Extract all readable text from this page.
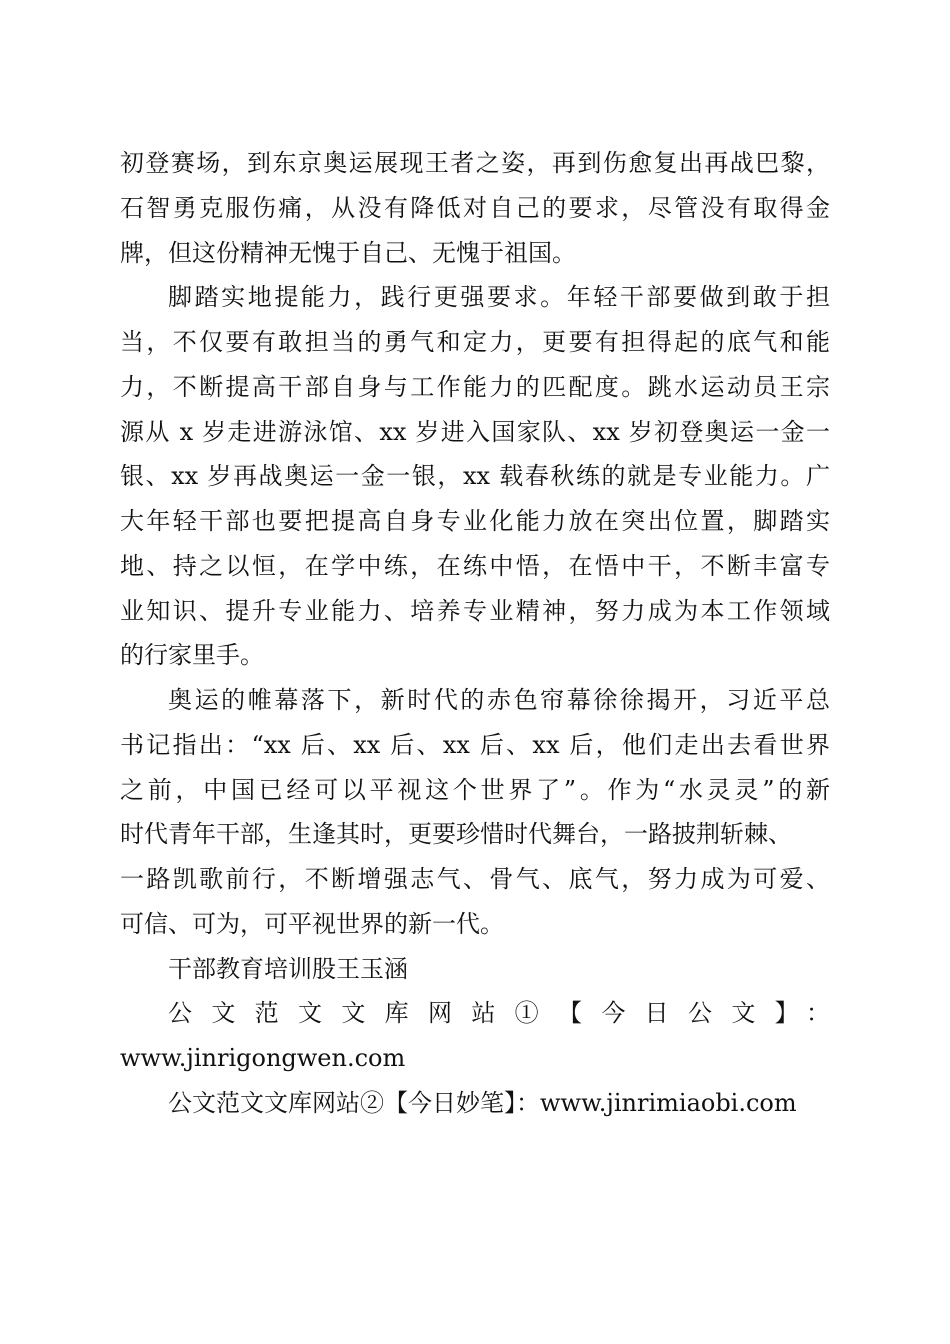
初登赛场，到东京奥运展现王者之姿，再到伤愈复出再战巴黎，
石智勇克服伤痛，从没有降低对自己的要求，尽管没有取得金
牌，但这份精神无愧于自己、无愧于祖国。
脚踏实地提能力，践行更强要求。年轻干部要做到敢于担
当，不仅要有敢担当的勇气和定力，更要有担得起的底气和能
力，不断提高干部自身与工作能力的匹配度。跳水运动员王宗
源从 x 岁走进游泳馆、xx 岁进入国家队、xx 岁初登奥运一金一
银、xx 岁再战奥运一金一银，xx 载春秋练的就是专业能力。广
大年轻干部也要把提高自身专业化能力放在突出位置，脚踏实
地、持之以恒，在学中练，在练中悟，在悟中干，不断丰富专
业知识、提升专业能力、培养专业精神，努力成为本工作领域
的行家里手。
奥运的帷幕落下，新时代的赤色帘幕徐徐揭开，习近平总
书记指出：“xx 后、xx 后、xx 后、xx 后，他们走出去看世界
之前，中国已经可以平视这个世界了”。作为“水灵灵”的新
时代青年干部，生逢其时，更要珍惜时代舞台，一路披荆斩棘、
一路凯歌前行，不断增强志气、骨气、底气，努力成为可爱、
可信、可为，可平视世界的新一代。
干部教育培训股王玉涵
公文范文文库网站①【今日公文】：
www.jinrigongwen.com
公文范文文库网站②【今日妙笔】：www.jinrimiaobi.com
